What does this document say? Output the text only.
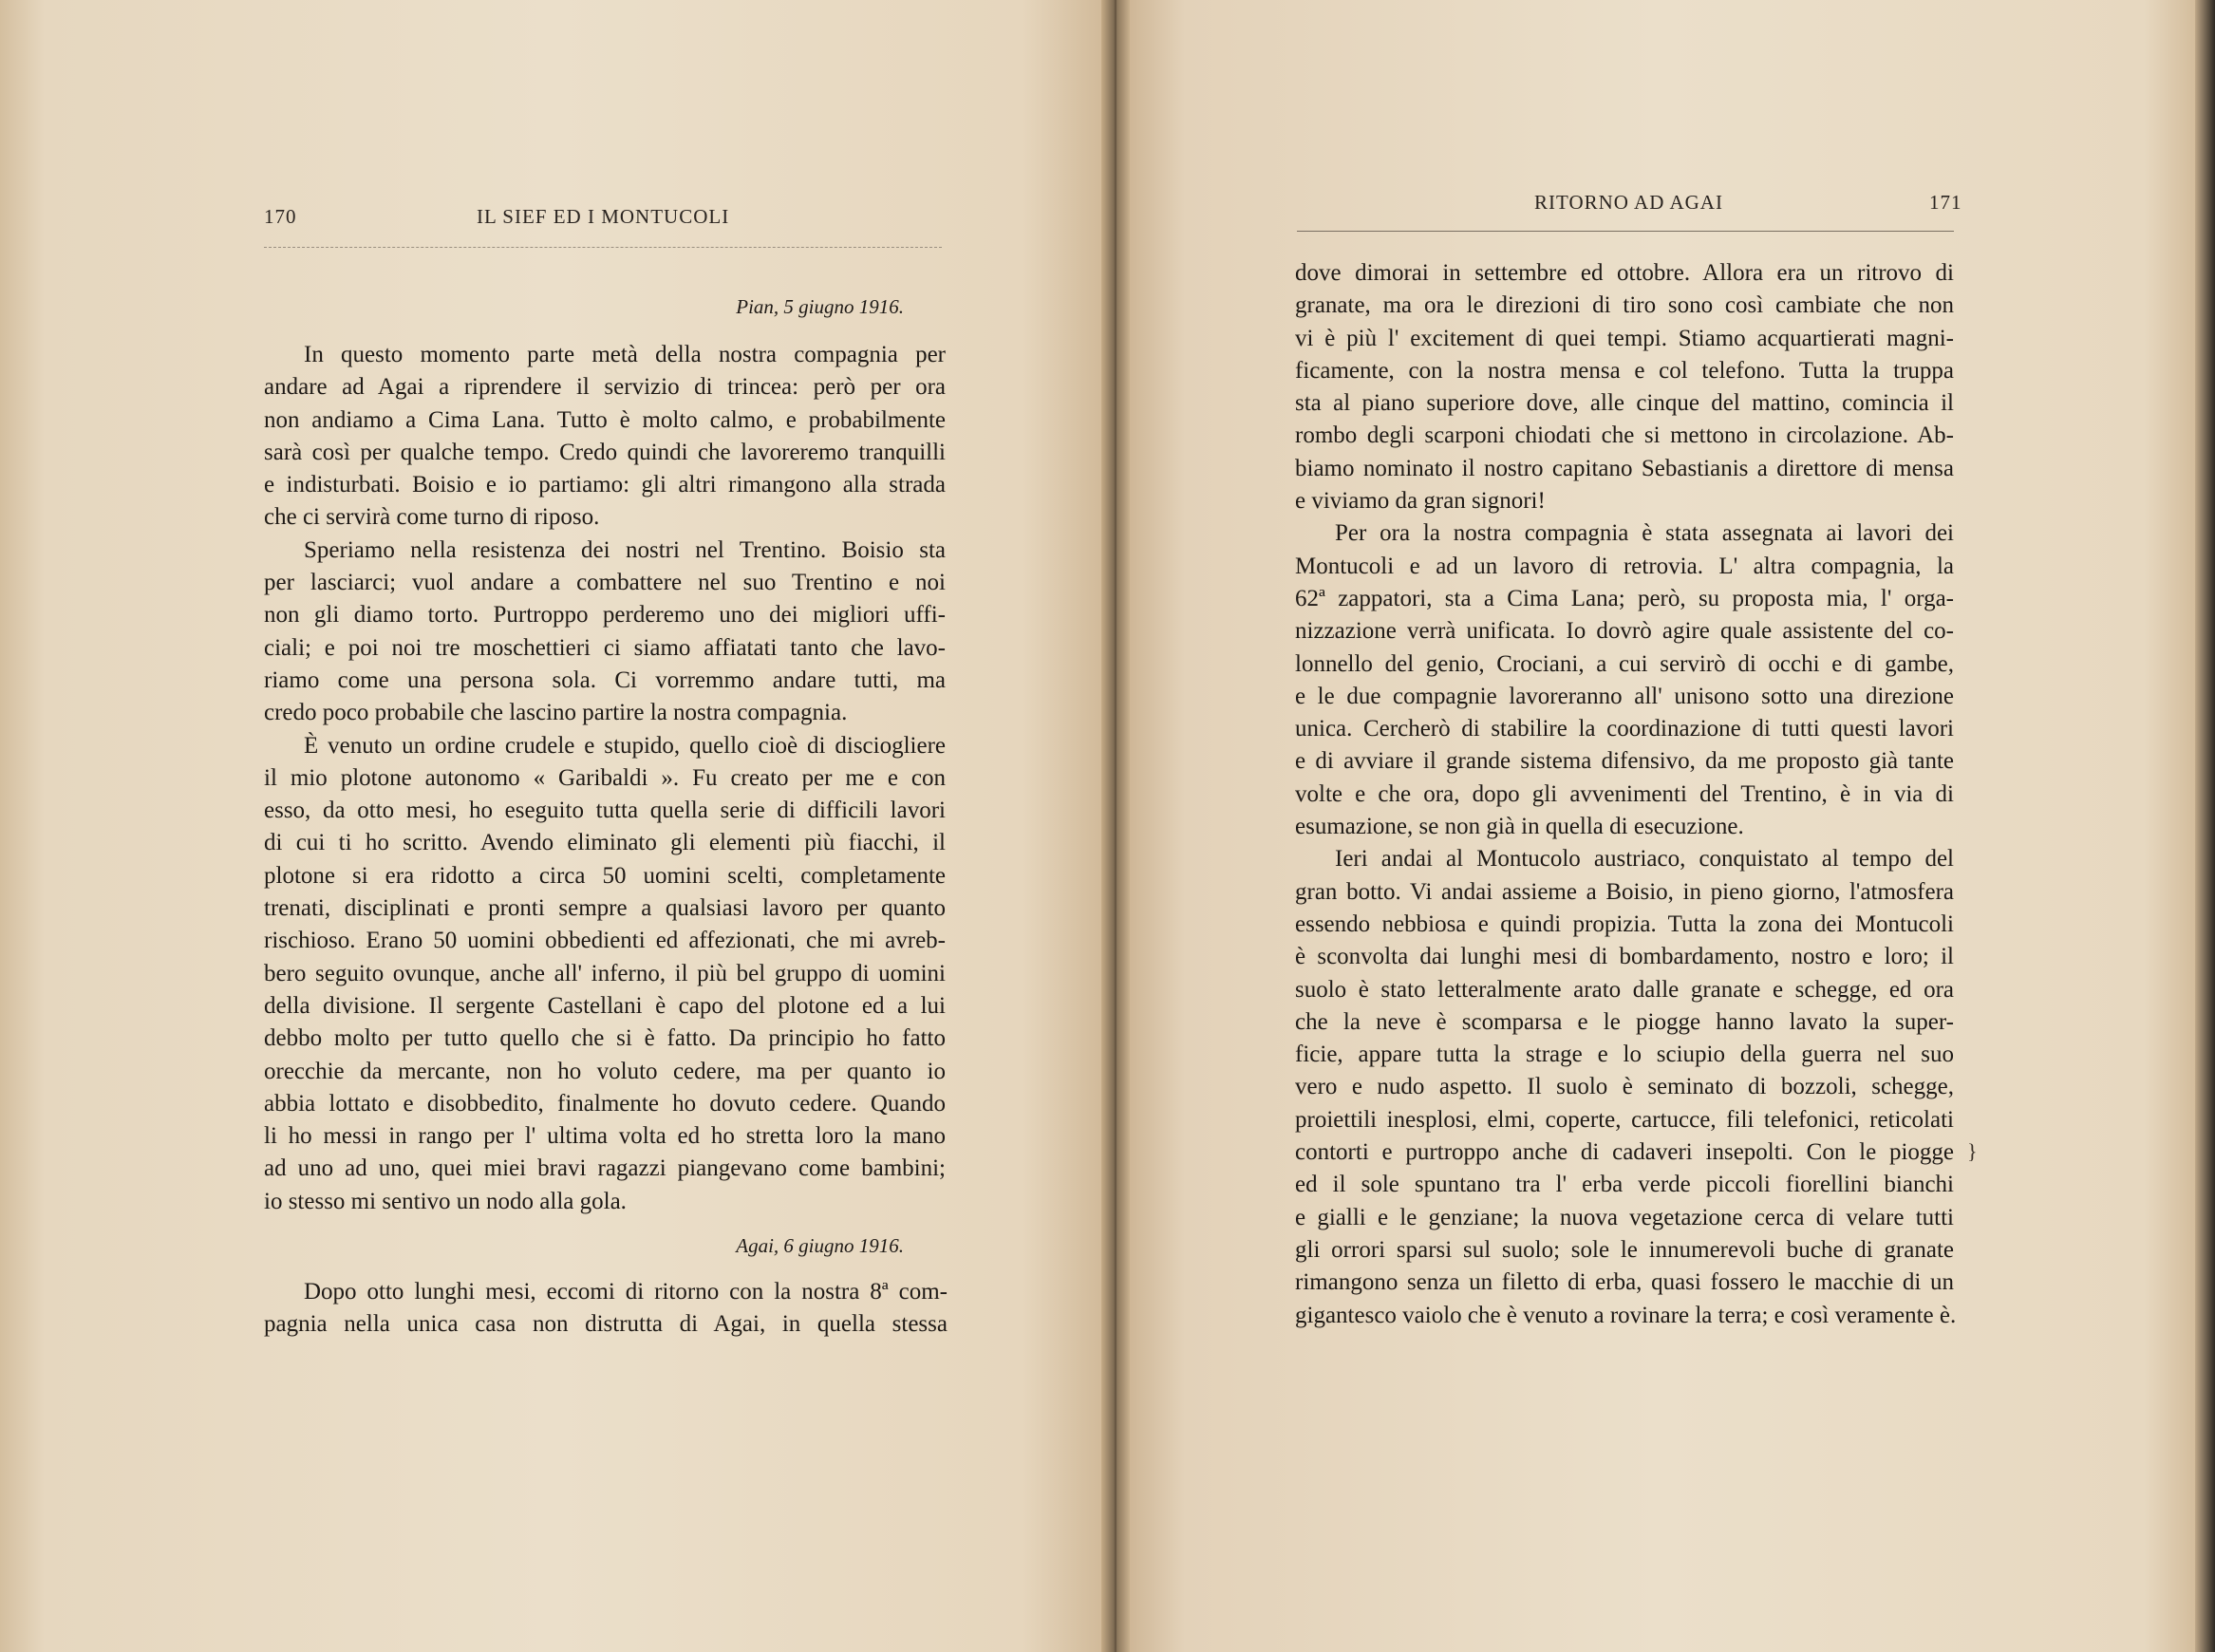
170	IL SIEF ED I MONTUCOLI
Pian, 5 giugno 1916.
In questo momento parte metà della nostra compagnia per
andare ad Agai a riprendere il servizio di trincea: però per ora
non andiamo a Cima Lana. Tutto è molto calmo, e probabilmente
sarà così per qualche tempo. Credo quindi che lavoreremo tranquilli
e indisturbati. Boisio e io partiamo: gli altri rimangono alla strada
che ci servirà come turno di riposo.
Speriamo nella resistenza dei nostri nel Trentino. Boisio sta
per lasciarci; vuol andare a combattere nel suo Trentino e noi
non gli diamo torto. Purtroppo perderemo uno dei migliori uffi-
ciali; e poi noi tre moschettieri ci siamo affiatati tanto che lavo-
riamo come una persona sola. Ci vorremmo andare tutti, ma
credo poco probabile che lascino partire la nostra compagnia.
È venuto un ordine crudele e stupido, quello cioè di disciogliere
il mio plotone autonomo « Garibaldi ». Fu creato per me e con
esso, da otto mesi, ho eseguito tutta quella serie di difficili lavori
di cui ti ho scritto. Avendo eliminato gli elementi più fiacchi, il
plotone si era ridotto a circa 50 uomini scelti, completamente
trenati, disciplinati e pronti sempre a qualsiasi lavoro per quanto
rischioso. Erano 50 uomini obbedienti ed affezionati, che mi avreb-
bero seguito ovunque, anche all' inferno, il più bel gruppo di uomini
della divisione. Il sergente Castellani è capo del plotone ed a lui
debbo molto per tutto quello che si è fatto. Da principio ho fatto
orecchie da mercante, non ho voluto cedere, ma per quanto io
abbia lottato e disobbedito, finalmente ho dovuto cedere. Quando
li ho messi in rango per l' ultima volta ed ho stretta loro la mano
ad uno ad uno, quei miei bravi ragazzi piangevano come bambini;
io stesso mi sentivo un nodo alla gola.
Agai, 6 giugno 1916.
Dopo otto lunghi mesi, eccomi di ritorno con la nostra 8ª com-
pagnia nella unica casa non distrutta di Agai, in quella stessa
RITORNO AD AGAI	171
dove dimorai in settembre ed ottobre. Allora era un ritrovo di
granate, ma ora le direzioni di tiro sono così cambiate che non
vi è più l' excitement di quei tempi. Stiamo acquartierati magni-
ficamente, con la nostra mensa e col telefono. Tutta la truppa
sta al piano superiore dove, alle cinque del mattino, comincia il
rombo degli scarponi chiodati che si mettono in circolazione. Ab-
biamo nominato il nostro capitano Sebastianis a direttore di mensa
e viviamo da gran signori!
Per ora la nostra compagnia è stata assegnata ai lavori dei
Montucoli e ad un lavoro di retrovia. L' altra compagnia, la
62ª zappatori, sta a Cima Lana; però, su proposta mia, l' orga-
nizzazione verrà unificata. Io dovrò agire quale assistente del co-
lonnello del genio, Crociani, a cui servirò di occhi e di gambe,
e le due compagnie lavoreranno all' unisono sotto una direzione
unica. Cercherò di stabilire la coordinazione di tutti questi lavori
e di avviare il grande sistema difensivo, da me proposto già tante
volte e che ora, dopo gli avvenimenti del Trentino, è in via di
esumazione, se non già in quella di esecuzione.
Ieri andai al Montucolo austriaco, conquistato al tempo del
gran botto. Vi andai assieme a Boisio, in pieno giorno, l'atmosfera
essendo nebbiosa e quindi propizia. Tutta la zona dei Montucoli
è sconvolta dai lunghi mesi di bombardamento, nostro e loro; il
suolo è stato letteralmente arato dalle granate e schegge, ed ora
che la neve è scomparsa e le piogge hanno lavato la super-
ficie, appare tutta la strage e lo sciupio della guerra nel suo
vero e nudo aspetto. Il suolo è seminato di bozzoli, schegge,
proiettili inesplosi, elmi, coperte, cartucce, fili telefonici, reticolati
contorti e purtroppo anche di cadaveri insepolti. Con le piogge
ed il sole spuntano tra l' erba verde piccoli fiorellini bianchi
e gialli e le genziane; la nuova vegetazione cerca di velare tutti
gli orrori sparsi sul suolo; sole le innumerevoli buche di granate
rimangono senza un filetto di erba, quasi fossero le macchie di un
gigantesco vaiolo che è venuto a rovinare la terra; e così veramente è.
}
